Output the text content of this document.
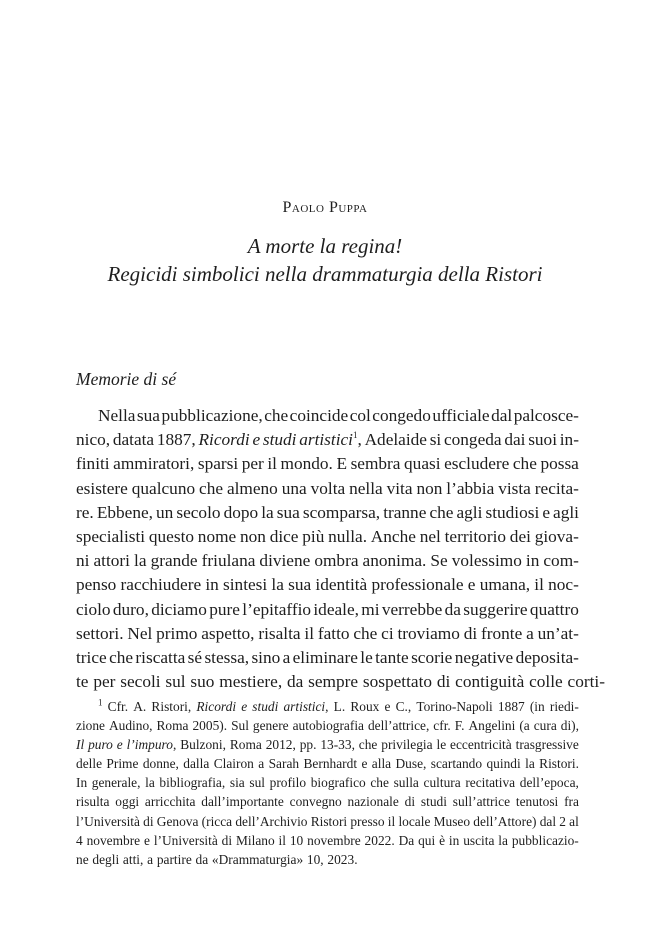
Paolo Puppa
A morte la regina!
Regicidi simbolici nella drammaturgia della Ristori
Memorie di sé
Nella sua pubblicazione, che coincide col congedo ufficiale dal palcosce-
nico, datata 1887, Ricordi e studi artistici$^1$, Adelaide si congeda dai suoi in-
finiti ammiratori, sparsi per il mondo. E sembra quasi escludere che possa
esistere qualcuno che almeno una volta nella vita non l’abbia vista recita-
re. Ebbene, un secolo dopo la sua scomparsa, tranne che agli studiosi e agli
specialisti questo nome non dice più nulla. Anche nel territorio dei giova-
ni attori la grande friulana diviene ombra anonima. Se volessimo in com-
penso racchiudere in sintesi la sua identità professionale e umana, il noc-
ciolo duro, diciamo pure l’epitaffio ideale, mi verrebbe da suggerire quattro
settori. Nel primo aspetto, risalta il fatto che ci troviamo di fronte a un’at-
trice che riscatta sé stessa, sino a eliminare le tante scorie negative deposita-
te per secoli sul suo mestiere, da sempre sospettato di contiguità colle corti-
$^1$ Cfr. A. Ristori, Ricordi e studi artistici, L. Roux e C., Torino-Napoli 1887 (in riedi-
zione Audino, Roma 2005). Sul genere autobiografia dell’attrice, cfr. F. Angelini (a cura di),
Il puro e l’impuro, Bulzoni, Roma 2012, pp. 13-33, che privilegia le eccentricità trasgressive
delle Prime donne, dalla Clairon a Sarah Bernhardt e alla Duse, scartando quindi la Ristori.
In generale, la bibliografia, sia sul profilo biografico che sulla cultura recitativa dell’epoca,
risulta oggi arricchita dall’importante convegno nazionale di studi sull’attrice tenutosi fra
l’Università di Genova (ricca dell’Archivio Ristori presso il locale Museo dell’Attore) dal 2 al
4 novembre e l’Università di Milano il 10 novembre 2022. Da qui è in uscita la pubblicazio-
ne degli atti, a partire da «Drammaturgia» 10, 2023.
